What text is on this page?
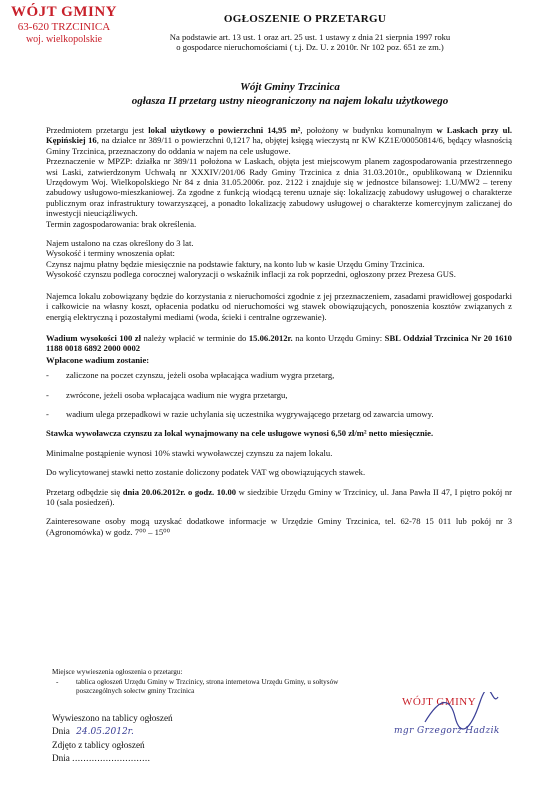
WÓJT GMINY
63-620 TRZCINICA
woj. wielkopolskie
OGŁOSZENIE O PRZETARGU
Na podstawie art. 13 ust. 1 oraz art. 25 ust. 1 ustawy z dnia 21 sierpnia 1997 roku
o gospodarce nieruchomościami ( t.j. Dz. U. z 2010r. Nr 102 poz. 651 ze zm.)
Wójt Gminy Trzcinica
ogłasza II przetarg ustny nieograniczony na najem lokalu użytkowego
Przedmiotem przetargu jest lokal użytkowy o powierzchni 14,95 m², położony w budynku komunalnym w Laskach przy ul. Kępińskiej 16, na działce nr 389/11 o powierzchni 0,1217 ha, objętej księgą wieczystą nr KW KZ1E/00050814/6, będący własnością Gminy Trzcinica, przeznaczony do oddania w najem na cele usługowe.
Przeznaczenie w MPZP: działka nr 389/11 położona w Laskach, objęta jest miejscowym planem zagospodarowania przestrzennego wsi Laski, zatwierdzonym Uchwałą nr XXXIV/201/06 Rady Gminy Trzcinica z dnia 31.03.2010r., opublikowaną w Dzienniku Urzędowym Woj. Wielkopolskiego Nr 84 z dnia 31.05.2006r. poz. 2122 i znajduje się w jednostce bilansowej: 1.U/MW2 – tereny zabudowy usługowo-mieszkaniowej. Za zgodne z funkcją wiodącą terenu uznaje się: lokalizację zabudowy usługowej o charakterze publicznym oraz infrastruktury towarzyszącej, a ponadto lokalizację zabudowy usługowej o charakterze komercyjnym zaliczanej do inwestycji nieuciążliwych.
Termin zagospodarowania: brak określenia.
Najem ustalono na czas określony do 3 lat.
Wysokość i terminy wnoszenia opłat:
Czynsz najmu płatny będzie miesięcznie na podstawie faktury, na konto lub w kasie Urzędu Gminy Trzcinica.
Wysokość czynszu podlega corocznej waloryzacji o wskaźnik inflacji za rok poprzedni, ogłoszony przez Prezesa GUS.
Najemca lokalu zobowiązany będzie do korzystania z nieruchomości zgodnie z jej przeznaczeniem, zasadami prawidłowej gospodarki i całkowicie na własny koszt, opłacenia podatku od nieruchomości wg stawek obowiązujących, ponoszenia kosztów związanych z energią elektryczną i pozostałymi mediami (woda, ścieki i centralne ogrzewanie).
Wadium wysokości 100 zł należy wpłacić w terminie do 15.06.2012r. na konto Urzędu Gminy: SBL Oddział Trzcinica Nr 20 1610 1188 0018 6892 2000 0002
Wpłacone wadium zostanie:
-	zaliczone na poczet czynszu, jeżeli osoba wpłacająca wadium wygra przetarg,
-	zwrócone, jeżeli osoba wpłacająca wadium nie wygra przetargu,
-	wadium ulega przepadkowi w razie uchylania się uczestnika wygrywającego przetarg od zawarcia umowy.
Stawka wywoławcza czynszu za lokal wynajmowany na cele usługowe wynosi 6,50 zł/m² netto miesięcznie.
Minimalne postąpienie wynosi 10% stawki wywoławczej czynszu za najem lokalu.
Do wylicytowanej stawki netto zostanie doliczony podatek VAT wg obowiązujących stawek.
Przetarg odbędzie się dnia 20.06.2012r. o godz. 10.00 w siedzibie Urzędu Gminy w Trzcinicy, ul. Jana Pawła II 47, I piętro pokój nr 10 (sala posiedzeń).
Zainteresowane osoby mogą uzyskać dodatkowe informacje w Urzędzie Gminy Trzcinica, tel. 62-78 15 011 lub pokój nr 3 (Agronomówka) w godz. 7⁰⁰ – 15⁰⁰
Miejsce wywieszenia ogłoszenia o przetargu:
-	tablica ogłoszeń Urzędu Gminy w Trzcinicy, strona internetowa Urzędu Gminy, u sołtysów poszczególnych sołectw gminy Trzcinica
Wywieszono na tablicy ogłoszeń
Dnia 24.05.2012r.
Zdjęto z tablicy ogłoszeń
Dnia ............................
WÓJT GMINY
mgr Grzegorz Hadzik
